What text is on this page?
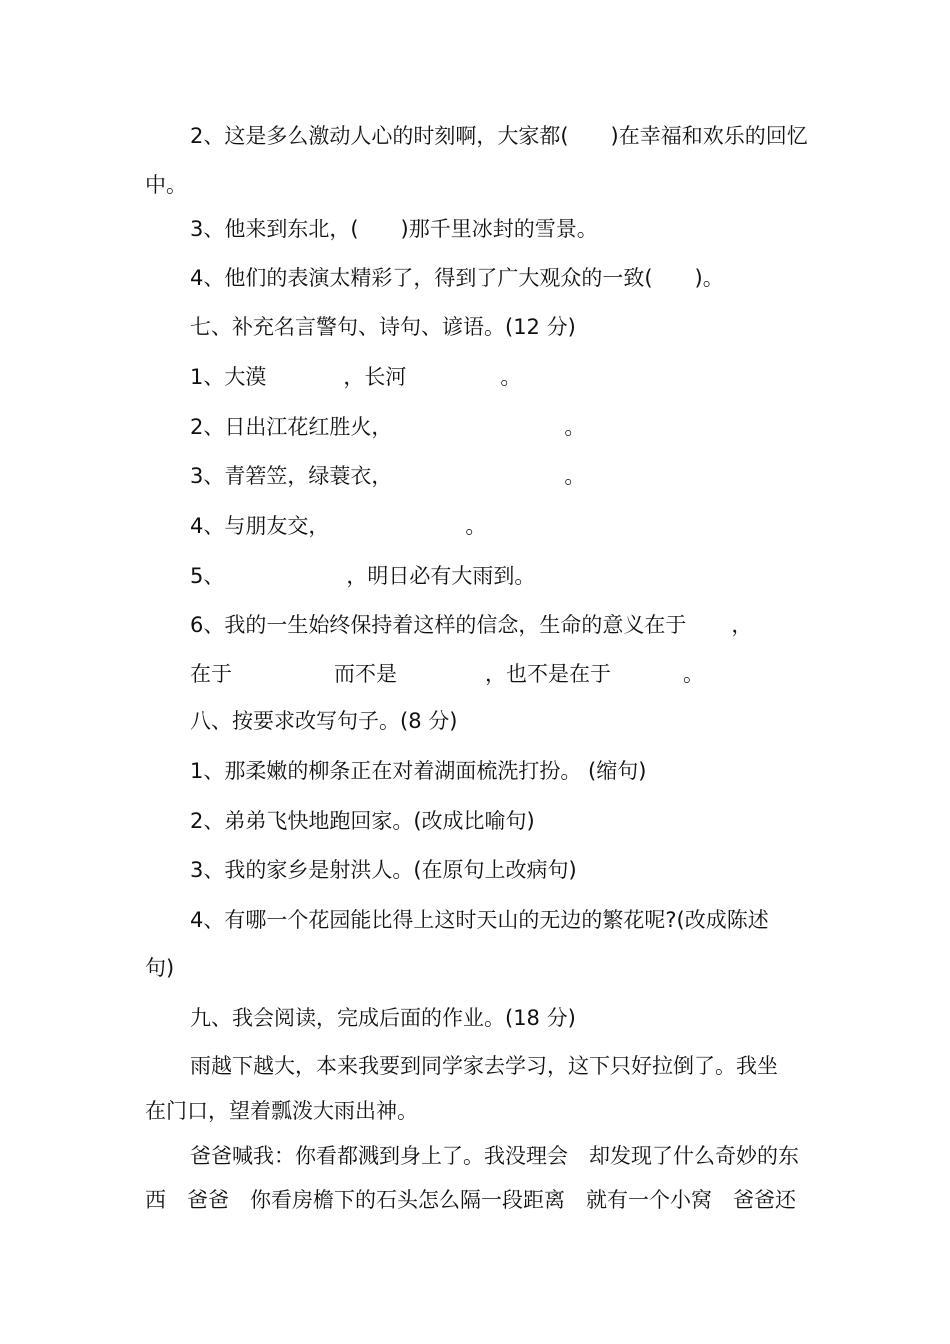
2、这是多么激动人心的时刻啊，大家都(　　)在幸福和欢乐的回忆
中。
3、他来到东北，(　　)那千里冰封的雪景。
4、他们的表演太精彩了，得到了广大观众的一致(　　)。
七、补充名言警句、诗句、谚语。(12 分)
1、大漠	，长河	。
2、日出江花红胜火，	。
3、青箬笠，绿蓑衣，	。
4、与朋友交，	。
5、	，明日必有大雨到。
6、我的一生始终保持着这样的信念，生命的意义在于 ，
在于	而不是	，也不是在于	。
八、按要求改写句子。(8 分)
1、那柔嫩的柳条正在对着湖面梳洗打扮。 (缩句)
2、弟弟飞快地跑回家。(改成比喻句)
3、我的家乡是射洪人。(在原句上改病句)
4、有哪一个花园能比得上这时天山的无边的繁花呢?(改成陈述
句)
九、我会阅读，完成后面的作业。(18 分)
雨越下越大，本来我要到同学家去学习，这下只好拉倒了。我坐
在门口，望着瓢泼大雨出神。
爸爸喊我：你看都溅到身上了。我没理会　却发现了什么奇妙的东
西　爸爸　你看房檐下的石头怎么隔一段距离　就有一个小窝　爸爸还
